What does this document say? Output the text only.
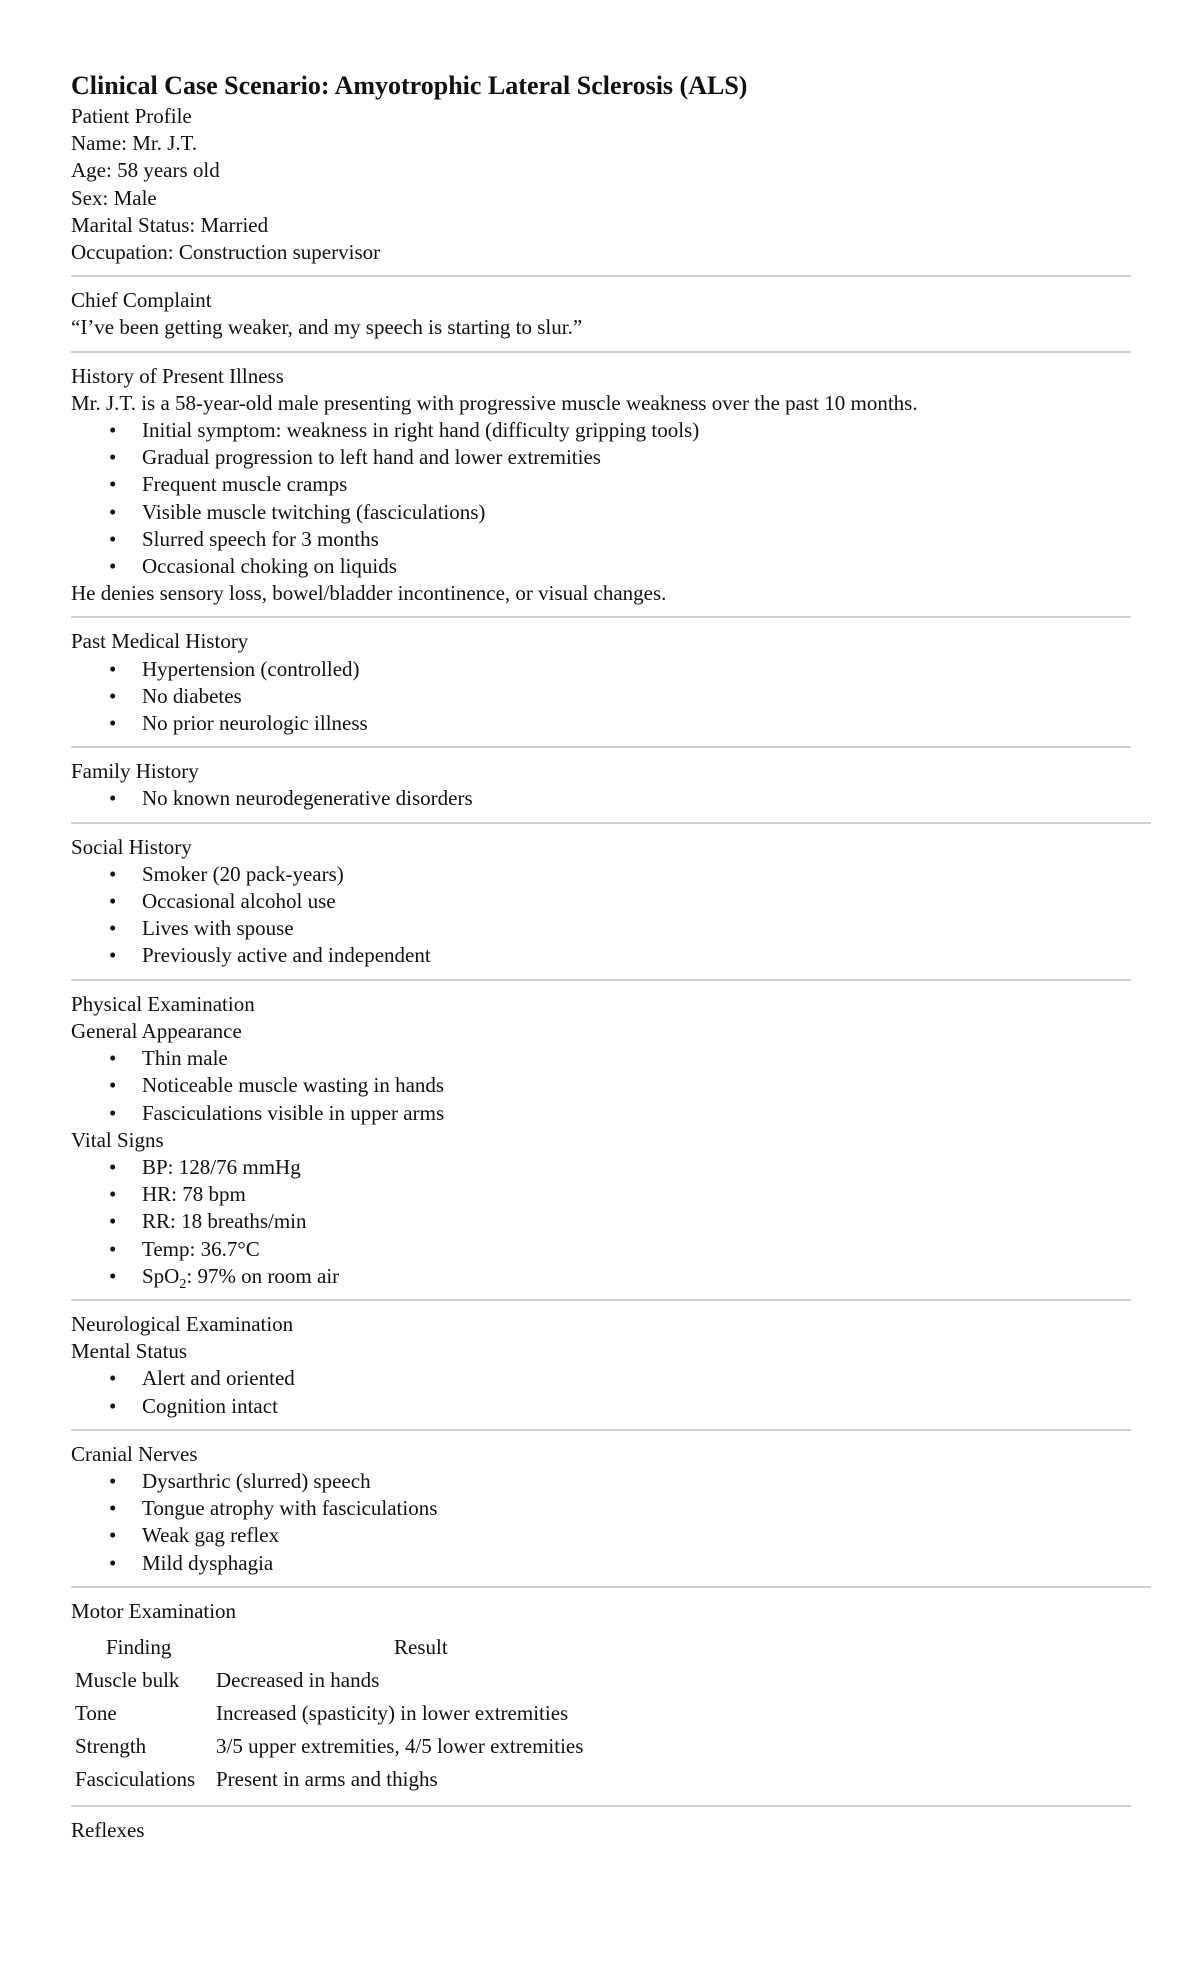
Clinical Case Scenario: Amyotrophic Lateral Sclerosis (ALS)

Patient Profile

Name: Mr. J.T.

Age: 58 years old

Sex: Male

Marital Status: Married

Occupation: Construction supervisor

Chief Complaint

“I’ve been getting weaker, and my speech is starting to slur.”

History of Present Illness

Mr. J.T. is a 58-year-old male presenting with progressive muscle weakness over the past 10 months.

• Initial symptom: weakness in right hand (difficulty gripping tools)
• Gradual progression to left hand and lower extremities
• Frequent muscle cramps
• Visible muscle twitching (fasciculations)
• Slurred speech for 3 months
• Occasional choking on liquids

He denies sensory loss, bowel/bladder incontinence, or visual changes.

Past Medical History

• Hypertension (controlled)
• No diabetes
• No prior neurologic illness

Family History

• No known neurodegenerative disorders

Social History

• Smoker (20 pack-years)
• Occasional alcohol use
• Lives with spouse
• Previously active and independent

Physical Examination

General Appearance

• Thin male
• Noticeable muscle wasting in hands
• Fasciculations visible in upper arms

Vital Signs

• BP: 128/76 mmHg
• HR: 78 bpm
• RR: 18 breaths/min
• Temp: 36.7°C
• SpO$_2$: 97% on room air

Neurological Examination

Mental Status

• Alert and oriented
• Cognition intact

Cranial Nerves

• Dysarthric (slurred) speech
• Tongue atrophy with fasciculations
• Weak gag reflex
• Mild dysphagia

Motor Examination

Finding	Result
Muscle bulk	Decreased in hands
Tone	Increased (spasticity) in lower extremities
Strength	3/5 upper extremities, 4/5 lower extremities
Fasciculations	Present in arms and thighs

Reflexes
